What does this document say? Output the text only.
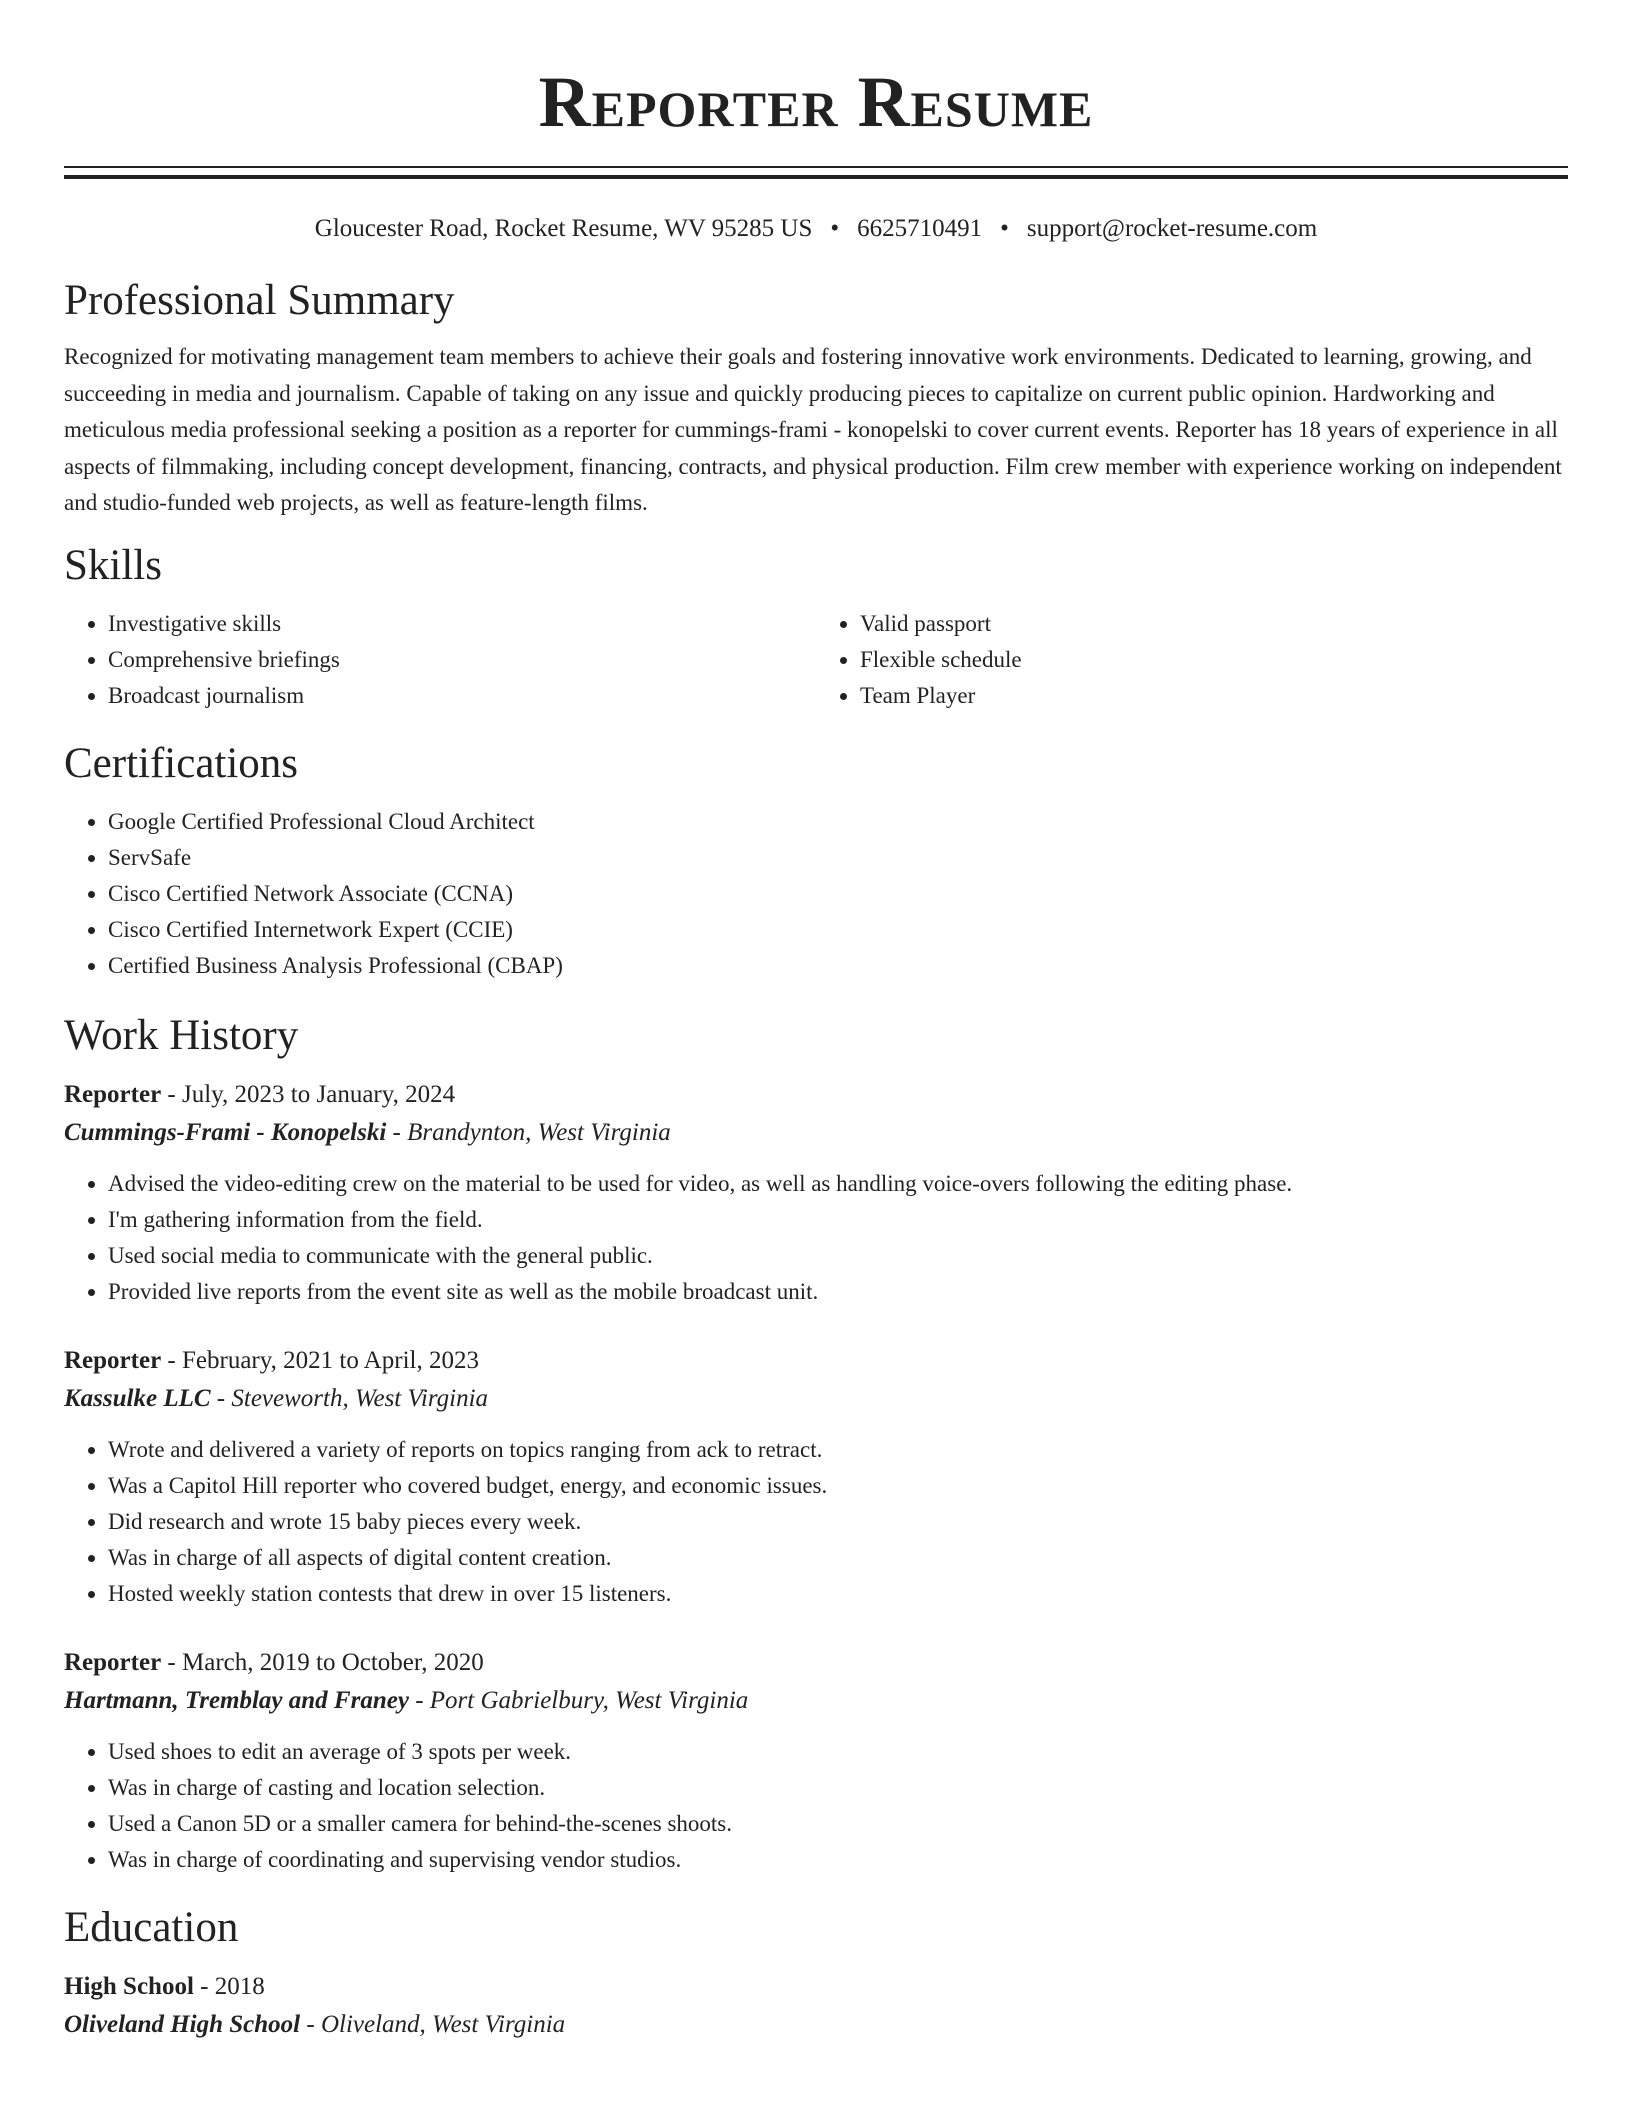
Reporter Resume
Gloucester Road, Rocket Resume, WV 95285 US • 6625710491 • support@rocket-resume.com
Professional Summary

Recognized for motivating management team members to achieve their goals and fostering innovative work environments. Dedicated to learning, growing, and succeeding in media and journalism. Capable of taking on any issue and quickly producing pieces to capitalize on current public opinion. Hardworking and meticulous media professional seeking a position as a reporter for cummings-frami - konopelski to cover current events. Reporter has 18 years of experience in all aspects of filmmaking, including concept development, financing, contracts, and physical production. Film crew member with experience working on independent and studio-funded web projects, as well as feature-length films.

Skills
• Investigative skills
• Comprehensive briefings
• Broadcast journalism
• Valid passport
• Flexible schedule
• Team Player
Certifications
• Google Certified Professional Cloud Architect
• ServSafe
• Cisco Certified Network Associate (CCNA)
• Cisco Certified Internetwork Expert (CCIE)
• Certified Business Analysis Professional (CBAP)
Work History

Reporter - July, 2023 to January, 2024

Cummings-Frami - Konopelski - Brandynton, West Virginia

• Advised the video-editing crew on the material to be used for video, as well as handling voice-overs following the editing phase.
• I'm gathering information from the field.
• Used social media to communicate with the general public.
• Provided live reports from the event site as well as the mobile broadcast unit.

Reporter - February, 2021 to April, 2023

Kassulke LLC - Steveworth, West Virginia

• Wrote and delivered a variety of reports on topics ranging from ack to retract.
• Was a Capitol Hill reporter who covered budget, energy, and economic issues.
• Did research and wrote 15 baby pieces every week.
• Was in charge of all aspects of digital content creation.
• Hosted weekly station contests that drew in over 15 listeners.

Reporter - March, 2019 to October, 2020

Hartmann, Tremblay and Franey - Port Gabrielbury, West Virginia

• Used shoes to edit an average of 3 spots per week.
• Was in charge of casting and location selection.
• Used a Canon 5D or a smaller camera for behind-the-scenes shoots.
• Was in charge of coordinating and supervising vendor studios.
Education

High School - 2018

Oliveland High School - Oliveland, West Virginia
